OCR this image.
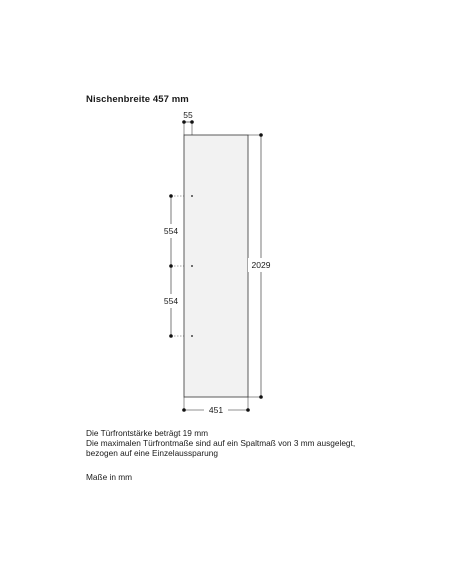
Nischenbreite 457 mm
55
554
554
2029
451
Die Türfrontstärke beträgt 19 mm
Die maximalen Türfrontmaße sind auf ein Spaltmaß von 3 mm ausgelegt,
bezogen auf eine Einzelaussparung
Maße in mm
